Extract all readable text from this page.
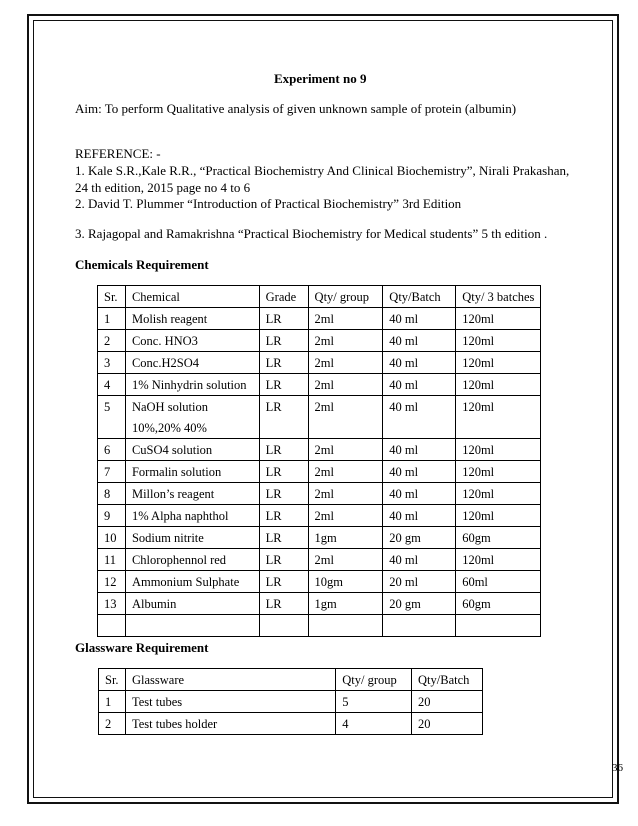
Experiment no 9
Aim: To perform Qualitative analysis of given unknown sample of protein (albumin)
REFERENCE: -
1. Kale S.R.,Kale R.R., “Practical Biochemistry And Clinical Biochemistry”, Nirali Prakashan,
24 th edition, 2015 page no 4 to 6
2. David T. Plummer “Introduction of Practical Biochemistry” 3rd Edition
3. Rajagopal and Ramakrishna “Practical Biochemistry for Medical students” 5 th edition .
Chemicals Requirement
Sr.	Chemical	Grade	Qty/ group	Qty/Batch	Qty/ 3 batches
1	Molish reagent	LR	2ml	40 ml	120ml
2	Conc. HNO3	LR	2ml	40 ml	120ml
3	Conc.H2SO4	LR	2ml	40 ml	120ml
4	1% Ninhydrin solution	LR	2ml	40 ml	120ml
5	NaOH solution
10%,20% 40%	LR	2ml	40 ml	120ml
6	CuSO4 solution	LR	2ml	40 ml	120ml
7	Formalin solution	LR	2ml	40 ml	120ml
8	Millon’s reagent	LR	2ml	40 ml	120ml
9	1% Alpha naphthol	LR	2ml	40 ml	120ml
10	Sodium nitrite	LR	1gm	20 gm	60gm
11	Chlorophennol red	LR	2ml	40 ml	120ml
12	Ammonium Sulphate	LR	10gm	20 ml	60ml
13	Albumin	LR	1gm	20 gm	60gm

Glassware Requirement
Sr.	Glassware	Qty/ group	Qty/Batch
1	Test tubes	5	20
2	Test tubes holder	4	20
36
